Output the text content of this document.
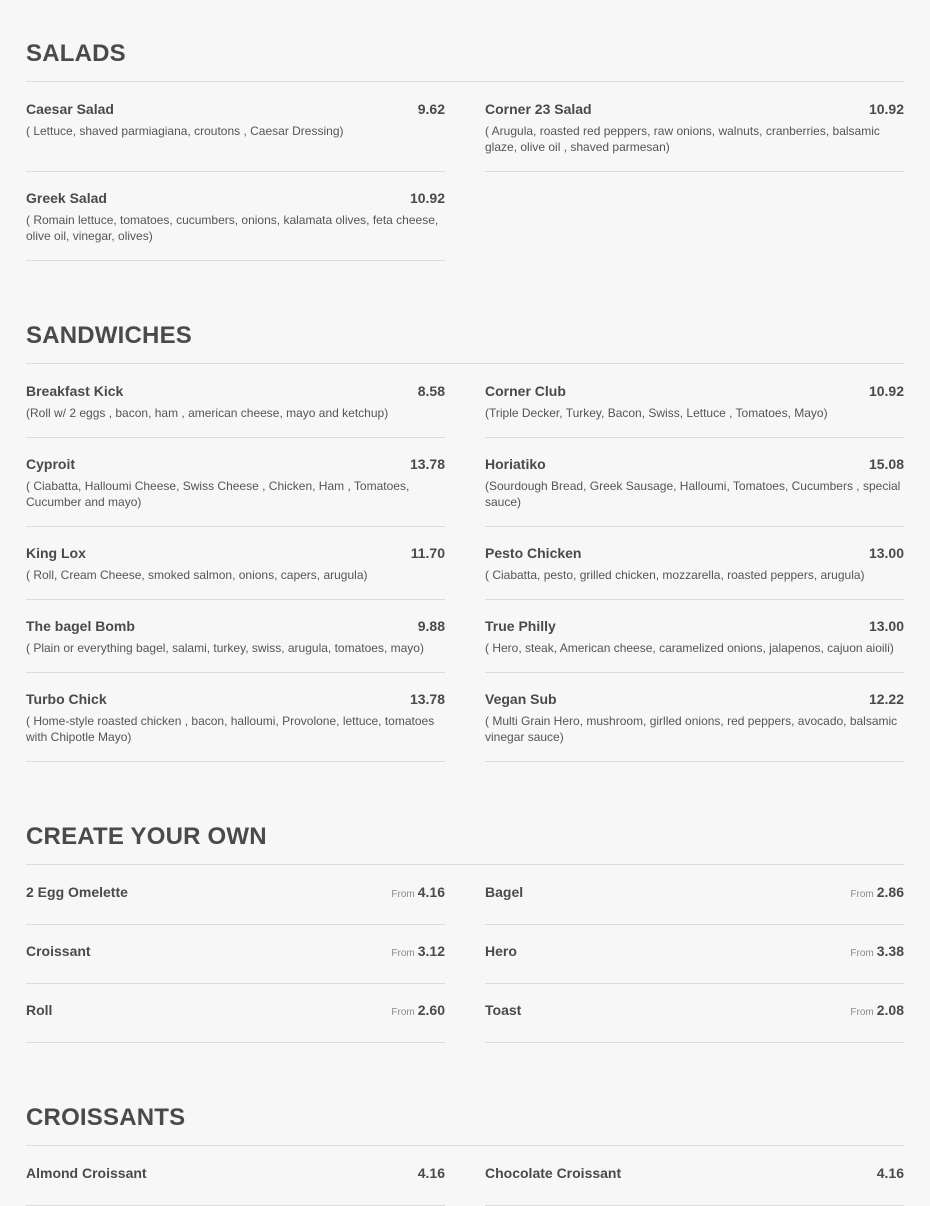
SALADS
Caesar Salad	9.62
( Lettuce, shaved parmiagiana, croutons , Caesar Dressing)
Corner 23 Salad	10.92
( Arugula, roasted red peppers, raw onions, walnuts, cranberries, balsamic glaze, olive oil , shaved parmesan)
Greek Salad	10.92
( Romain lettuce, tomatoes, cucumbers, onions, kalamata olives, feta cheese, olive oil, vinegar, olives)
SANDWICHES
Breakfast Kick	8.58
(Roll w/ 2 eggs , bacon, ham , american cheese, mayo and ketchup)
Corner Club	10.92
(Triple Decker, Turkey, Bacon, Swiss, Lettuce , Tomatoes, Mayo)
Cyproit	13.78
( Ciabatta, Halloumi Cheese, Swiss Cheese , Chicken, Ham , Tomatoes, Cucumber and mayo)
Horiatiko	15.08
(Sourdough Bread, Greek Sausage, Halloumi, Tomatoes, Cucumbers , special sauce)
King Lox	11.70
( Roll, Cream Cheese, smoked salmon, onions, capers, arugula)
Pesto Chicken	13.00
( Ciabatta, pesto, grilled chicken, mozzarella, roasted peppers, arugula)
The bagel Bomb	9.88
( Plain or everything bagel, salami, turkey, swiss, arugula, tomatoes, mayo)
True Philly	13.00
( Hero, steak, American cheese, caramelized onions, jalapenos, cajuon aioili)
Turbo Chick	13.78
( Home-style roasted chicken , bacon, halloumi, Provolone, lettuce, tomatoes with Chipotle Mayo)
Vegan Sub	12.22
( Multi Grain Hero, mushroom, girlled onions, red peppers, avocado, balsamic vinegar sauce)
CREATE YOUR OWN
2 Egg Omelette	From 4.16	Bagel	From 2.86
Croissant	From 3.12	Hero	From 3.38
Roll	From 2.60	Toast	From 2.08
CROISSANTS
Almond Croissant	4.16	Chocolate Croissant	4.16
